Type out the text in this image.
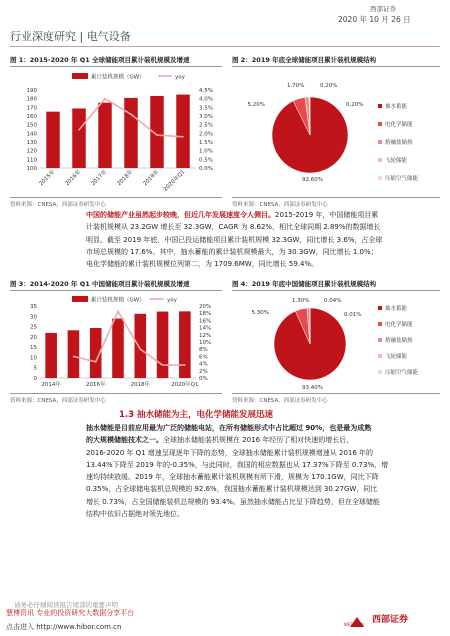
西部证券
2020 年 10 月 26 日
行业深度研究 | 电气设备
图 1：2015-2020 年 Q1 全球储能项目累计装机规模及增速	图 2：2019 年底全球储能项目累计装机规模结构
100
110
120
130
140
150
160
170
180
190
0.0%
0.5%
1.0%
1.5%
2.0%
2.5%
3.0%
3.5%
4.0%
4.5%
累计装机规模（GW）	yoy
2015年 2016年 2017年 2018年 2019年 2020年Q1	92.60%
5.20%
1.70%	0.20%
0.20%	抽水蓄能
电化学储能
熔融盐储热
飞轮储能
压缩空气储能
资料来源：CNESA，西部证券研发中心	资料来源：CNESA，西部证券研发中心
中国的储能产业虽然起步较晚，但近几年发展速度令人侧目。2015-2019 年，中国储能项目累
计装机规模从 23.2GW 增长至 32.3GW，CAGR 为 8.62%，相比全球同期 2.89%的数据增长
明显。截至 2019 年底，中国已投运储能项目累计装机规模 32.3GW，同比增长 3.6%，占全球
市场总规模的 17.6%。其中，抽水蓄能的累计装机规模最大，为 30.3GW，同比增长 1.0%；
电化学储能的累计装机规模位列第二，为 1709.6MW，同比增长 59.4%。
图 3：2014-2020 年 Q1 中国储能项目累计装机规模及增速	图 4：2019 年底中国储能项目累计装机规模结构
0
5
10
15
20
25
30
35
0%
2%
4%
6%
8%
10%
12%
14%
16%
18%
20%
累计装机规模（GW）	yoy
2014年	2016年	2018年	2020年Q1	93.40%
5.30%
1.30%
0.01%
0.04%
抽水蓄能
电化学储能
熔融盐储热
飞轮储能
压缩空气储能
资料来源：CNESA，西部证券研发中心	资料来源：CNESA，西部证券研发中心
1.3 抽水储能为主，电化学储能发展迅速
抽水储能是目前应用最为广泛的储能电站，在所有储能形式中占比超过 90%，也是最为成熟
的大规模储能技术之一。全球抽水储能装机规模在 2016 年经历了相对快速的增长后，
2016-2020 年 Q1 增速呈现逐年下降的态势，全球抽水储能累计装机规模增速从 2016 年的
13.44%下降至 2019 年的-0.35%，与此同时，我国的相应数据也从 17.37%下降至 0.73%，增
速均持续放缓。2019 年，全球抽水蓄能累计装机规模有所下滑，规模为 170.1GW，同比下降
0.35%，占全球储电装机总规模的 92.6%，我国抽水蓄能累计装机规模达到 30.27GW，同比
增长 0.73%，占全国储能装机总规模的 93.4%。虽然抽水储能占比呈下降趋势，但在全球储能
结构中依旧占据绝对领先地位。
请务必仔细阅读报告尾部的重要声明
慧博资讯 专业的投资研究大数据分享平台
点击进入 http://www.hibor.com.cn	WESTERN 西部证券
